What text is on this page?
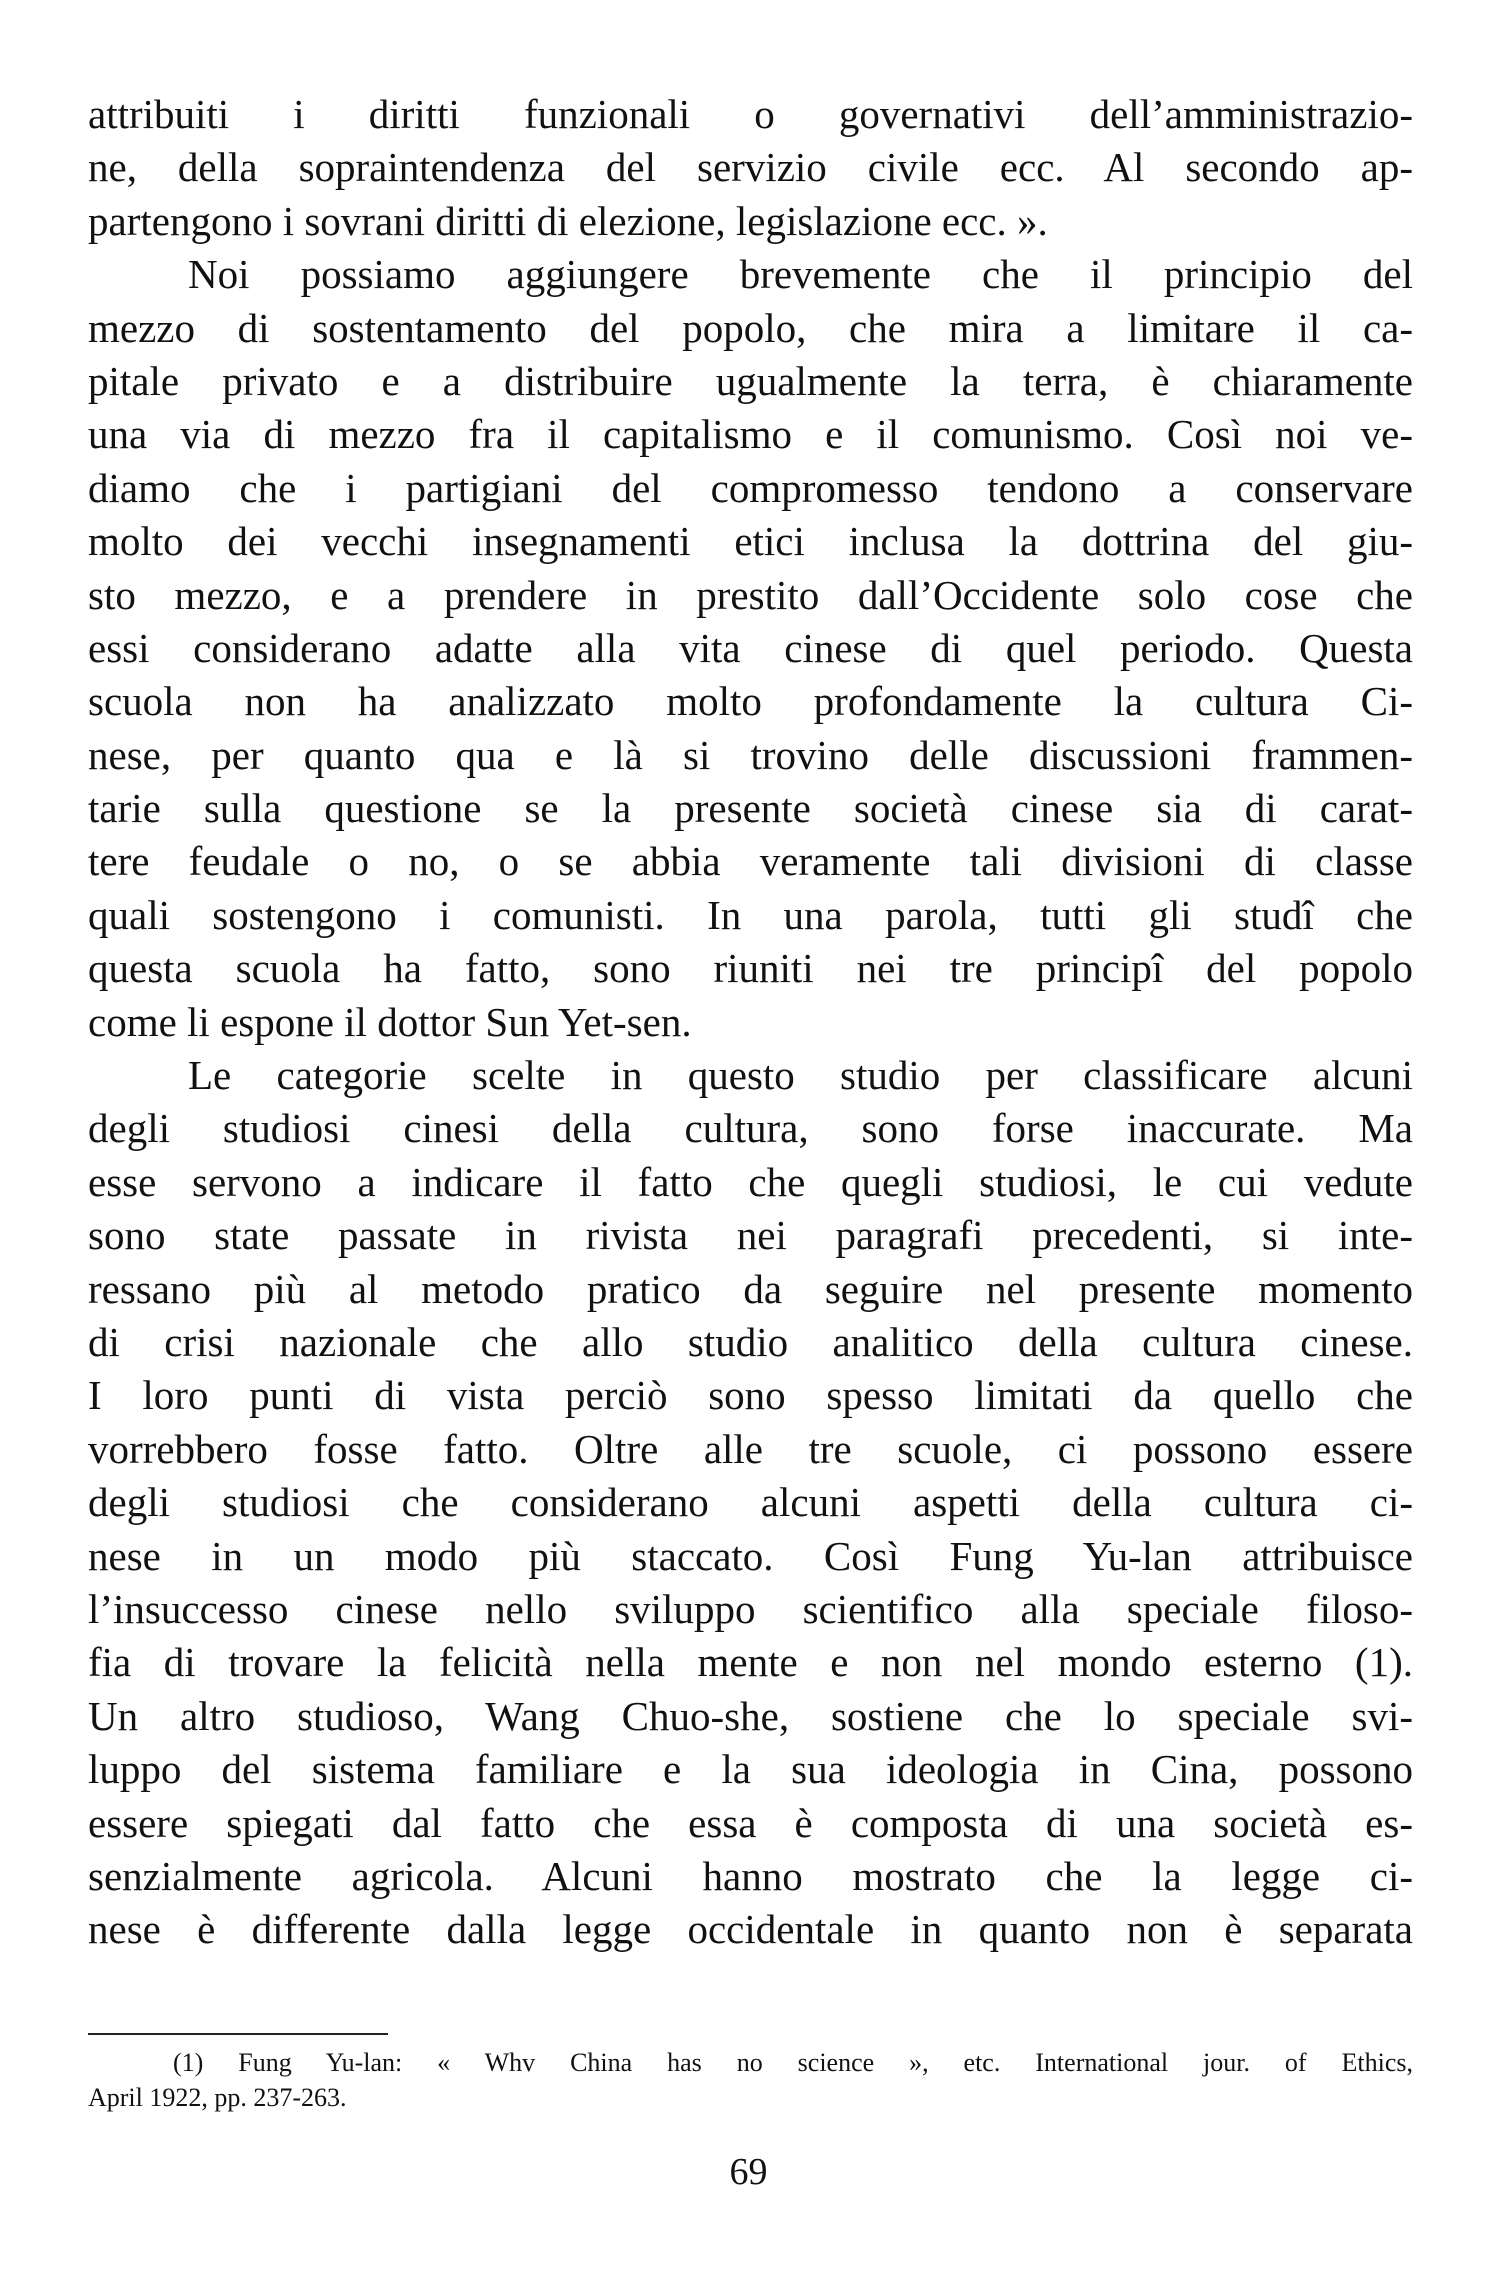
attribuiti i diritti funzionali o governativi dell’amministrazio-
ne, della sopraintendenza del servizio civile ecc. Al secondo ap-
partengono i sovrani diritti di elezione, legislazione ecc. ».
Noi possiamo aggiungere brevemente che il principio del
mezzo di sostentamento del popolo, che mira a limitare il ca-
pitale privato e a distribuire ugualmente la terra, è chiaramente
una via di mezzo fra il capitalismo e il comunismo. Così noi ve-
diamo che i partigiani del compromesso tendono a conservare
molto dei vecchi insegnamenti etici inclusa la dottrina del giu-
sto mezzo, e a prendere in prestito dall’Occidente solo cose che
essi considerano adatte alla vita cinese di quel periodo. Questa
scuola non ha analizzato molto profondamente la cultura Ci-
nese, per quanto qua e là si trovino delle discussioni frammen-
tarie sulla questione se la presente società cinese sia di carat-
tere feudale o no, o se abbia veramente tali divisioni di classe
quali sostengono i comunisti. In una parola, tutti gli studî che
questa scuola ha fatto, sono riuniti nei tre principî del popolo
come li espone il dottor Sun Yet-sen.
Le categorie scelte in questo studio per classificare alcuni
degli studiosi cinesi della cultura, sono forse inaccurate. Ma
esse servono a indicare il fatto che quegli studiosi, le cui vedute
sono state passate in rivista nei paragrafi precedenti, si inte-
ressano più al metodo pratico da seguire nel presente momento
di crisi nazionale che allo studio analitico della cultura cinese.
I loro punti di vista perciò sono spesso limitati da quello che
vorrebbero fosse fatto. Oltre alle tre scuole, ci possono essere
degli studiosi che considerano alcuni aspetti della cultura ci-
nese in un modo più staccato. Così Fung Yu-lan attribuisce
l’insuccesso cinese nello sviluppo scientifico alla speciale filoso-
fia di trovare la felicità nella mente e non nel mondo esterno (1).
Un altro studioso, Wang Chuo-she, sostiene che lo speciale svi-
luppo del sistema familiare e la sua ideologia in Cina, possono
essere spiegati dal fatto che essa è composta di una società es-
senzialmente agricola. Alcuni hanno mostrato che la legge ci-
nese è differente dalla legge occidentale in quanto non è separata
(1) Fung Yu-lan: « Whv China has no science », etc. International jour. of Ethics,
April 1922, pp. 237-263.
69
